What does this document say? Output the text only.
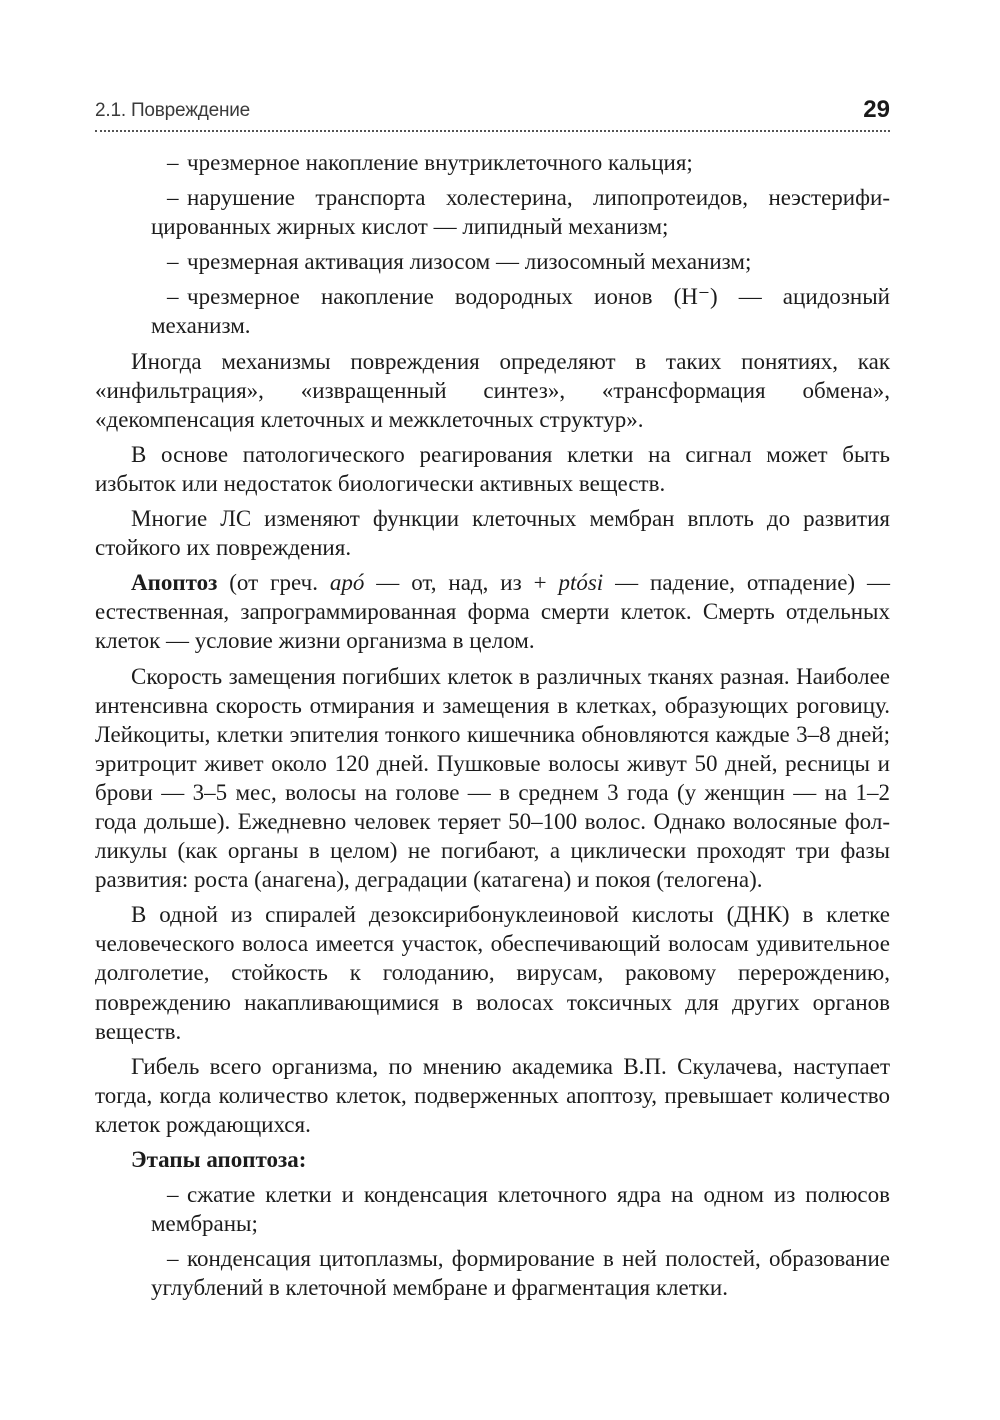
2.1. Повреждение	29

– чрезмерное накопление внутриклеточного кальция;

– нарушение транспорта холестерина, липопротеидов, неэстерифицированных жирных кислот — липидный механизм;

– чрезмерная активация лизосом — лизосомный механизм;

– чрезмерное накопление водородных ионов (H⁻) — ацидозный механизм.

Иногда механизмы повреждения определяют в таких понятиях, как «инфильтрация», «извращенный синтез», «трансформация обмена», «декомпенсация клеточных и межклеточных структур».

В основе патологического реагирования клетки на сигнал может быть избыток или недостаток биологически активных веществ.

Многие ЛС изменяют функции клеточных мембран вплоть до развития стойкого их повреждения.

Апоптоз (от греч. apó — от, над, из + ptósi — падение, отпадение) — естественная, запрограммированная форма смерти клеток. Смерть отдельных клеток — условие жизни организма в целом.

Скорость замещения погибших клеток в различных тканях разная. Наиболее интенсивна скорость отмирания и замещения в клетках, образующих роговицу. Лейкоциты, клетки эпителия тонкого кишечника обновляются каждые 3–8 дней; эритроцит живет около 120 дней. Пушковые волосы живут 50 дней, ресницы и брови — 3–5 мес, волосы на голове — в среднем 3 года (у женщин — на 1–2 года дольше). Ежедневно человек теряет 50–100 волос. Однако волосяные фолликулы (как органы в целом) не погибают, а циклически проходят три фазы развития: роста (анагена), деградации (катагена) и покоя (телогена).

В одной из спиралей дезоксирибонуклеиновой кислоты (ДНК) в клетке человеческого волоса имеется участок, обеспечивающий волосам удивительное долголетие, стойкость к голоданию, вирусам, раковому перерождению, повреждению накапливающимися в волосах токсичных для других органов веществ.

Гибель всего организма, по мнению академика В.П. Скулачева, наступает тогда, когда количество клеток, подверженных апоптозу, превышает количество клеток рождающихся.

Этапы апоптоза:

– сжатие клетки и конденсация клеточного ядра на одном из полюсов мембраны;

– конденсация цитоплазмы, формирование в ней полостей, образование углублений в клеточной мембране и фрагментация клетки.
